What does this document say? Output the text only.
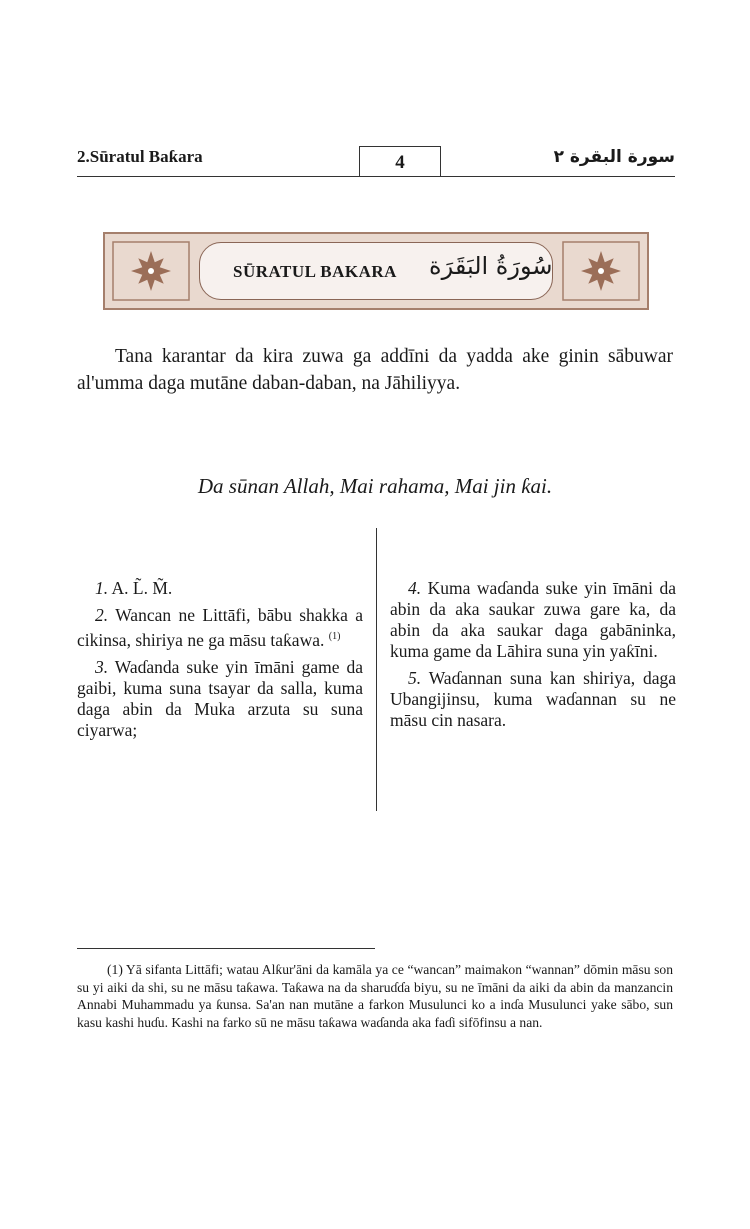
2.Sūratul Baƙara	4	سورة البقرة ٢
SŪRATUL BAKARA سُورَةُ البَقَرَة
Tana karantar da kira zuwa ga addīni da yadda ake ginin sābuwar al'umma daga mutāne daban-daban, na Jāhiliyya.
Da sūnan Allah, Mai rahama, Mai jin ƙai.

1. A. L̃. M̃.

2. Wancan ne Littāfi, bābu shakka a cikinsa, shiriya ne ga māsu taƙawa. $^{(1)}$

3. Waɗanda suke yin īmāni game da gaibi, kuma suna tsayar da salla, kuma daga abin da Muka arzuta su suna ciyarwa;

4. Kuma waɗanda suke yin īmāni da abin da aka saukar zuwa gare ka, da abin da aka saukar daga gabāninka, kuma game da Lāhira suna yin yaƙīni.

5. Waɗannan suna kan shiriya, daga Ubangijinsu, kuma waɗannan su ne māsu cin nasara.

(1) Yā sifanta Littāfi; watau Alƙur'āni da kamāla ya ce “wancan” maimakon “wannan” dōmin māsu son su yi aiki da shi, su ne māsu taƙawa. Taƙawa na da sharuɗɗa biyu, su ne īmāni da aiki da abin da manzancin Annabi Muhammadu ya ƙunsa. Sa'an nan mutāne a farkon Musulunci ko a inɗa Musulunci yake sābo, sun kasu kashi huɗu. Kashi na farko sū ne māsu taƙawa waɗanda aka faɗi sifōfinsu a nan.
